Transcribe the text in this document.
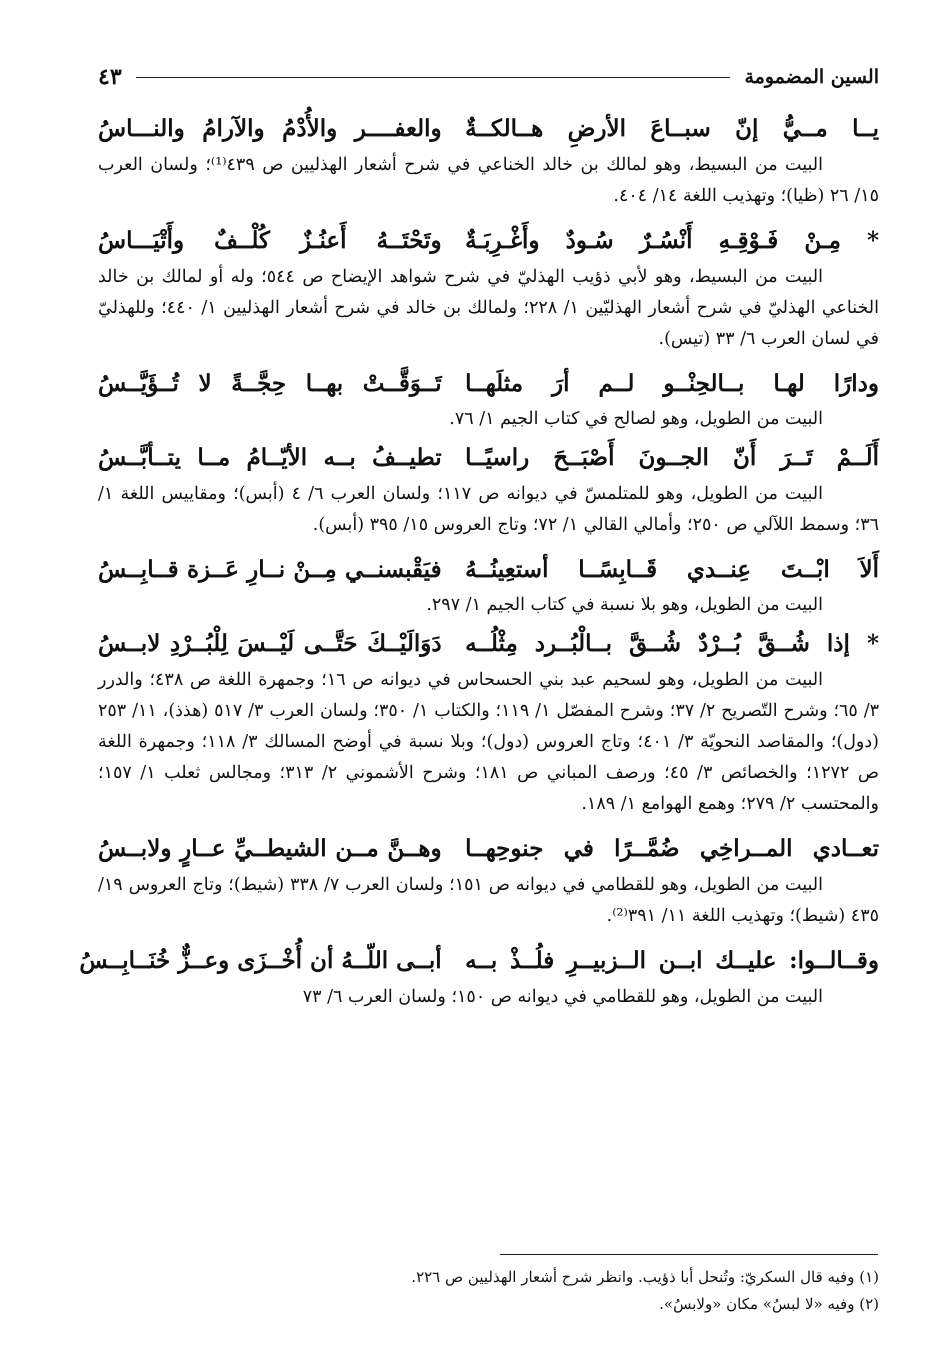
السين المضمومة
٤٣
يــا مــيُّ إنّ سبــاعَ الأرضِ هــالكــةٌ
والعفــــر والأُدْمُ والآرامُ والنـــاسُ

البيت من البسيط، وهو لمالك بن خالد الخناعي في شرح أشعار الهذليين ص ٤٣٩⁽¹⁾؛ ولسان العرب ١٥/ ٢٦ (ظيا)؛ وتهذيب اللغة ١٤/ ٤٠٤.

* مِـنْ فَـوْقِـهِ أَنْسُـرٌ سُـودٌ وأَغْـرِبَـةٌ
وتَحْتَــهُ أَعنُـزٌ كُلْــفٌ وأَتْيَـــاسُ

البيت من البسيط، وهو لأبي ذؤيب الهذليّ في شرح شواهد الإيضاح ص ٥٤٤؛ وله أو لمالك بن خالد الخناعي الهذليّ في شرح أشعار الهذليّين ١/ ٢٢٨؛ ولمالك بن خالد في شرح أشعار الهذليين ١/ ٤٤٠؛ وللهذليّ في لسان العرب ٦/ ٣٣ (تيس).

ودارًا لهـا بــالحِنْــو لــم أرَ مثلَهــا
تَــوَقَّــتْ بهــا حِجَّــةً لا تُــؤَيَّــسُ

البيت من الطويل، وهو لصالح في كتاب الجيم ١/ ٧٦.

أَلَــمْ تَــرَ أَنّ الجــونَ أَصْبَــحَ راسيًــا
تطيــفُ بــه الأيّــامُ مــا يتــأبَّــسُ

البيت من الطويل، وهو للمتلمسّ في ديوانه ص ١١٧؛ ولسان العرب ٦/ ٤ (أبس)؛ ومقاييس اللغة ١/ ٣٦؛ وسمط اللآلي ص ٢٥٠؛ وأمالي القالي ١/ ٧٢؛ وتاج العروس ١٥/ ٣٩٥ (أبس).

أَلاَ ابْــتَ عِنــدي قَــابِسًــا أستعِينُــهُ
فيَقْبسنــي مِــنْ نــارِ عَــزة قــابِــسُ

البيت من الطويل، وهو بلا نسبة في كتاب الجيم ١/ ٢٩٧.

* إذا شُــقَّ بُــرْدٌ شُــقَّ بــالْبُــرد مِثْلُــه
دَوَالَيْــكَ حَتَّــى لَيْــسَ لِلْبُــرْدِ لابــسُ

البيت من الطويل، وهو لسحيم عبد بني الحسحاس في ديوانه ص ١٦؛ وجمهرة اللغة ص ٤٣٨؛ والدرر ٣/ ٦٥؛ وشرح التّصريح ٢/ ٣٧؛ وشرح المفصّل ١/ ١١٩؛ والكتاب ١/ ٣٥٠؛ ولسان العرب ٣/ ٥١٧ (هذذ)، ١١/ ٢٥٣ (دول)؛ والمقاصد النحويّة ٣/ ٤٠١؛ وتاج العروس (دول)؛ وبلا نسبة في أوضح المسالك ٣/ ١١٨؛ وجمهرة اللغة ص ١٢٧٢؛ والخصائص ٣/ ٤٥؛ ورصف المباني ص ١٨١؛ وشرح الأشموني ٢/ ٣١٣؛ ومجالس ثعلب ١/ ١٥٧؛ والمحتسب ٢/ ٢٧٩؛ وهمع الهوامع ١/ ١٨٩.

تعــادي المــراخِي ضُمَّــرًا في جنوحِهــا
وهــنَّ مــن الشيطــيِّ عــارٍ ولابــسُ

البيت من الطويل، وهو للقطامي في ديوانه ص ١٥١؛ ولسان العرب ٧/ ٣٣٨ (شيط)؛ وتاج العروس ١٩/ ٤٣٥ (شيط)؛ وتهذيب اللغة ١١/ ٣٩١⁽²⁾.

وقــالــوا: عليــك ابــن الــزبيــرِ فلُــذْ بــه
أبــى اللّــهُ أن أُخْــزَى وعــزٌّ خُنَــابِــسُ

البيت من الطويل، وهو للقطامي في ديوانه ص ١٥٠؛ ولسان العرب ٦/ ٧٣

(١) وفيه قال السكريّ: وتُنحل أبا ذؤيب. وانظر شرح أشعار الهذليين ص ٢٢٦.
(٢) وفيه «لا لبسُ» مكان «ولابسُ».
